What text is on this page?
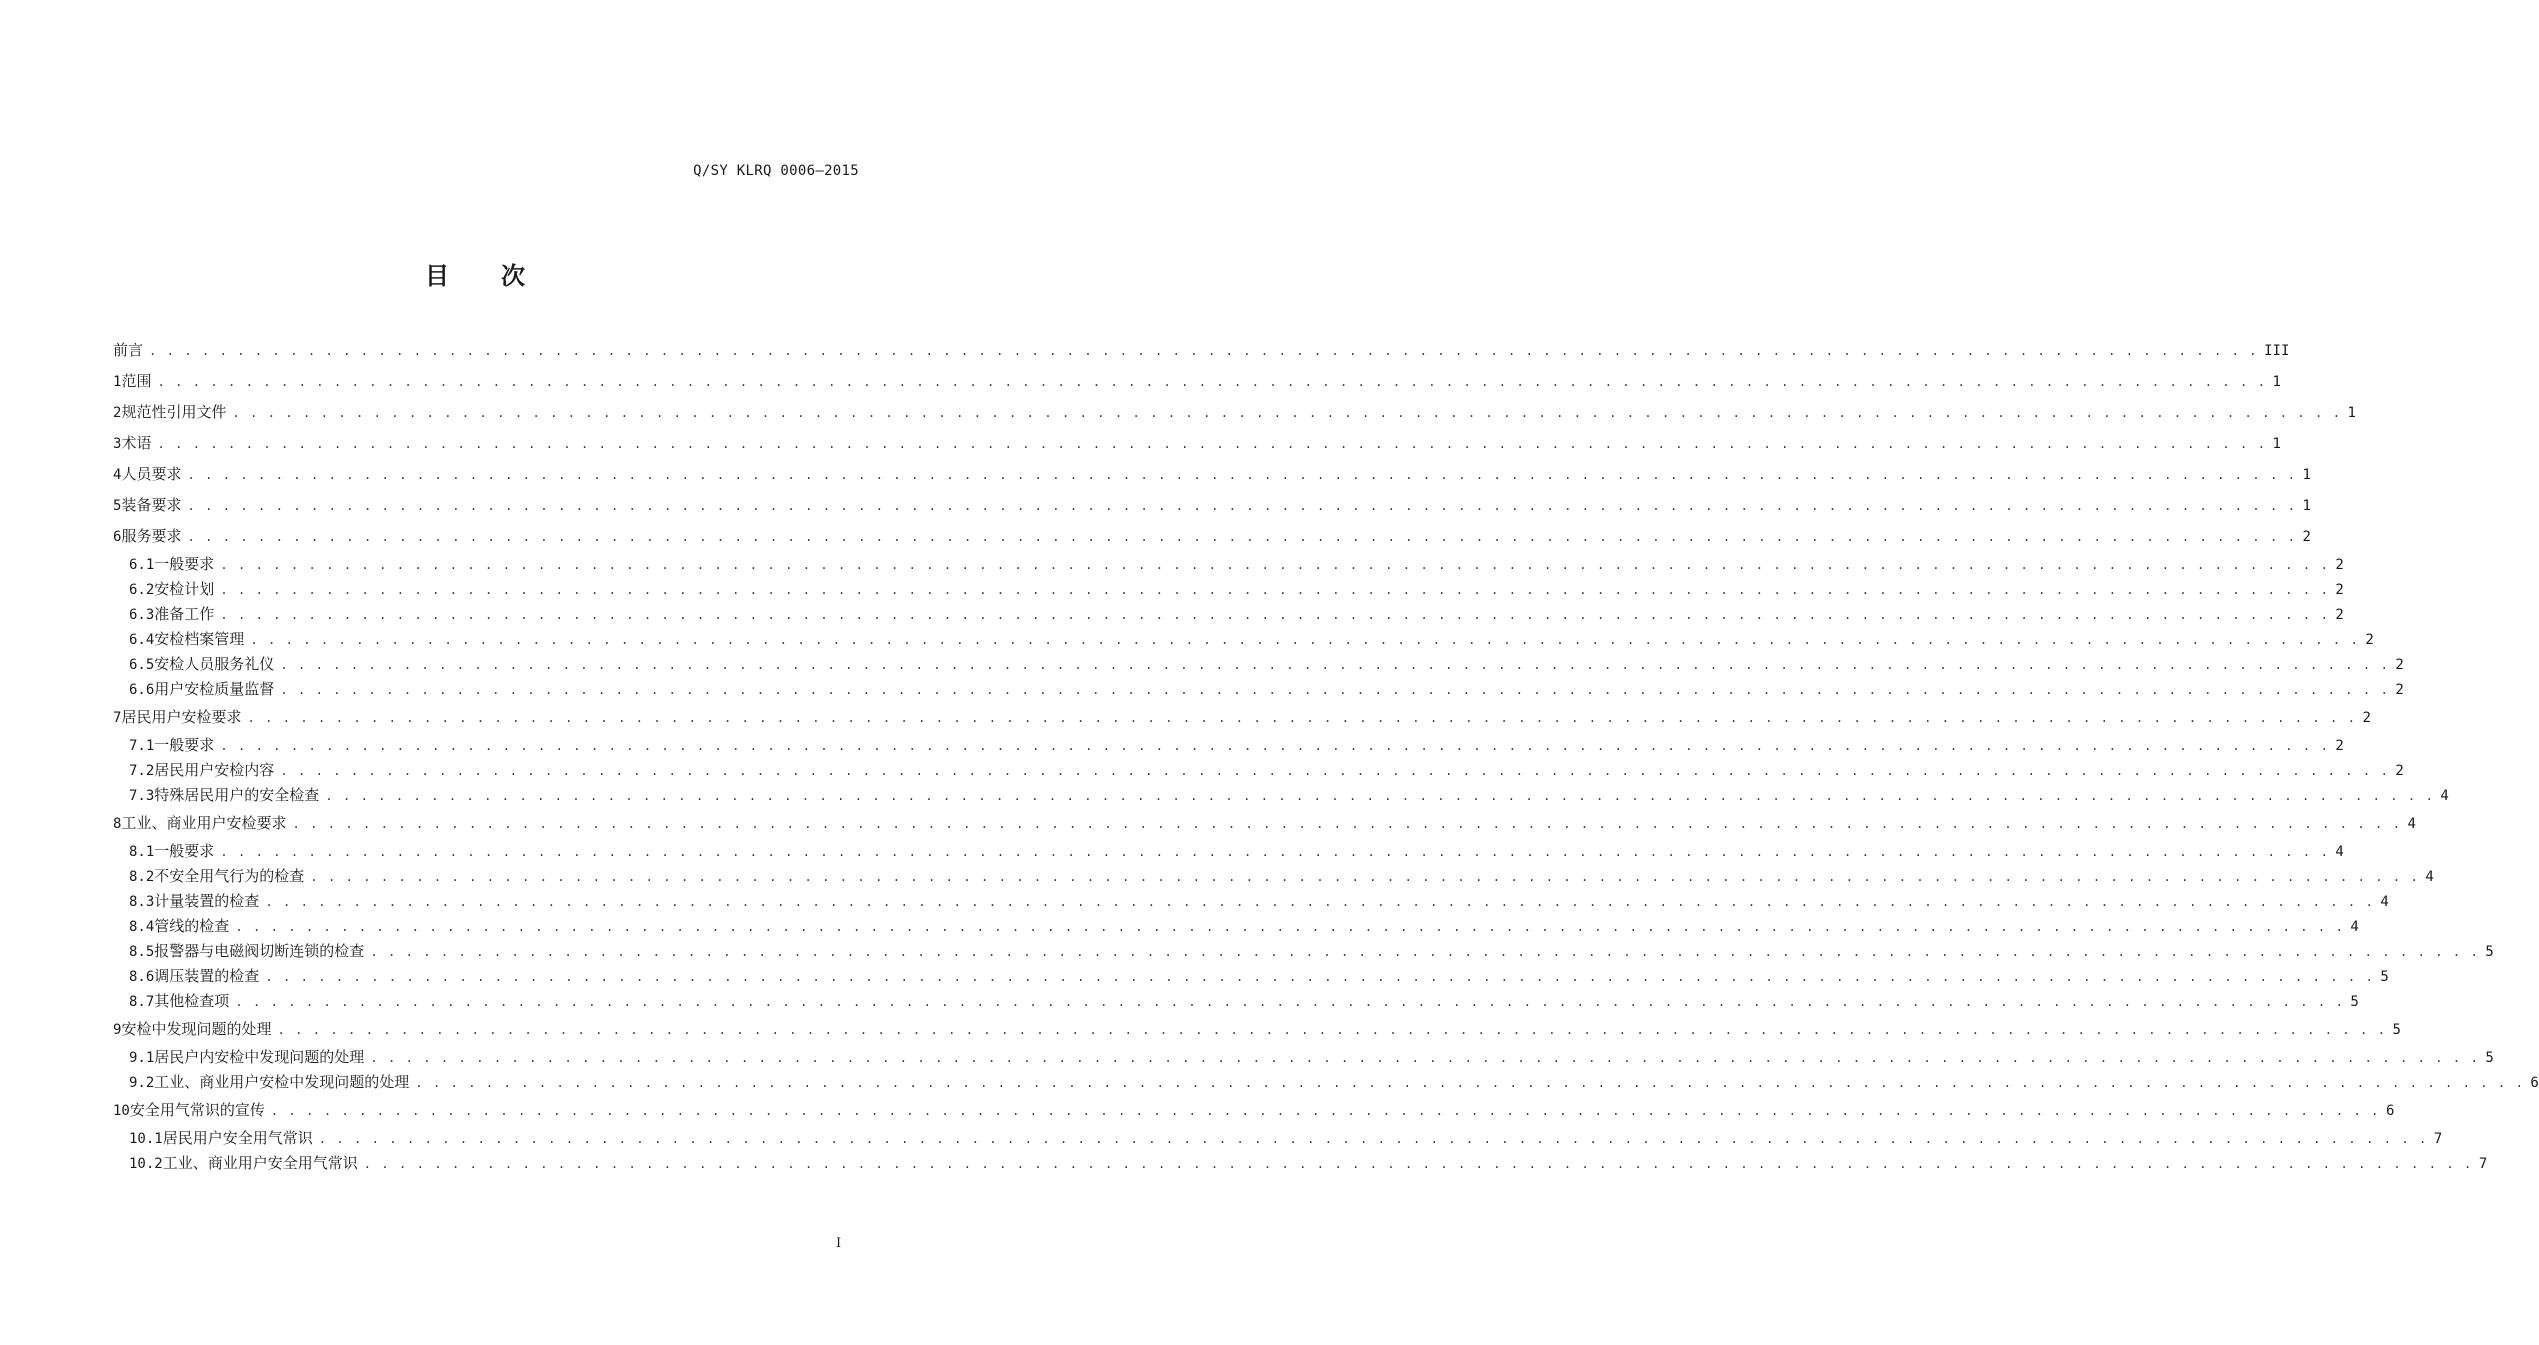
Q/SY KLRQ 0006—2015
目 次
前言 . . . . . . . . . . . . . . . . . . . . . . . . . . . . . . . . . . . . . . . . . . . . . . . . . . . . . . . . . . . . . . . . . . . . . . . . . . . . . . . . . . . . . . . . . . . . . . . . . . . . . . . . . . . . . . . . . . . . . . . . III
1 范围 . . . . . . . . . . . . . . . . . . . . . . . . . . . . . . . . . . . . . . . . . . . . . . . . . . . . . . . . . . . . . . . . . . . . . . . . . . . . . . . . . . . . . . . . . . . . . . . . . . . . . . . . . . . . . . . . . . . . . . . . 1
2 规范性引用文件 . . . . . . . . . . . . . . . . . . . . . . . . . . . . . . . . . . . . . . . . . . . . . . . . . . . . . . . . . . . . . . . . . . . . . . . . . . . . . . . . . . . . . . . . . . . . . . . . . . . . . . . . . . . . . . . . . . . . . . . . 1
3 术语 . . . . . . . . . . . . . . . . . . . . . . . . . . . . . . . . . . . . . . . . . . . . . . . . . . . . . . . . . . . . . . . . . . . . . . . . . . . . . . . . . . . . . . . . . . . . . . . . . . . . . . . . . . . . . . . . . . . . . . . . 1
4 人员要求 . . . . . . . . . . . . . . . . . . . . . . . . . . . . . . . . . . . . . . . . . . . . . . . . . . . . . . . . . . . . . . . . . . . . . . . . . . . . . . . . . . . . . . . . . . . . . . . . . . . . . . . . . . . . . . . . . . . . . . . . 1
5 装备要求 . . . . . . . . . . . . . . . . . . . . . . . . . . . . . . . . . . . . . . . . . . . . . . . . . . . . . . . . . . . . . . . . . . . . . . . . . . . . . . . . . . . . . . . . . . . . . . . . . . . . . . . . . . . . . . . . . . . . . . . . 1
6 服务要求 . . . . . . . . . . . . . . . . . . . . . . . . . . . . . . . . . . . . . . . . . . . . . . . . . . . . . . . . . . . . . . . . . . . . . . . . . . . . . . . . . . . . . . . . . . . . . . . . . . . . . . . . . . . . . . . . . . . . . . . . 2
6.1 一般要求 . . . . . . . . . . . . . . . . . . . . . . . . . . . . . . . . . . . . . . . . . . . . . . . . . . . . . . . . . . . . . . . . . . . . . . . . . . . . . . . . . . . . . . . . . . . . . . . . . . . . . . . . . . . . . . . . . . . . . . . . 2
6.2 安检计划 . . . . . . . . . . . . . . . . . . . . . . . . . . . . . . . . . . . . . . . . . . . . . . . . . . . . . . . . . . . . . . . . . . . . . . . . . . . . . . . . . . . . . . . . . . . . . . . . . . . . . . . . . . . . . . . . . . . . . . . . 2
6.3 准备工作 . . . . . . . . . . . . . . . . . . . . . . . . . . . . . . . . . . . . . . . . . . . . . . . . . . . . . . . . . . . . . . . . . . . . . . . . . . . . . . . . . . . . . . . . . . . . . . . . . . . . . . . . . . . . . . . . . . . . . . . . 2
6.4 安检档案管理 . . . . . . . . . . . . . . . . . . . . . . . . . . . . . . . . . . . . . . . . . . . . . . . . . . . . . . . . . . . . . . . . . . . . . . . . . . . . . . . . . . . . . . . . . . . . . . . . . . . . . . . . . . . . . . . . . . . . . . . . 2
6.5 安检人员服务礼仪 . . . . . . . . . . . . . . . . . . . . . . . . . . . . . . . . . . . . . . . . . . . . . . . . . . . . . . . . . . . . . . . . . . . . . . . . . . . . . . . . . . . . . . . . . . . . . . . . . . . . . . . . . . . . . . . . . . . . . . . . 2
6.6 用户安检质量监督 . . . . . . . . . . . . . . . . . . . . . . . . . . . . . . . . . . . . . . . . . . . . . . . . . . . . . . . . . . . . . . . . . . . . . . . . . . . . . . . . . . . . . . . . . . . . . . . . . . . . . . . . . . . . . . . . . . . . . . . . 2
7 居民用户安检要求 . . . . . . . . . . . . . . . . . . . . . . . . . . . . . . . . . . . . . . . . . . . . . . . . . . . . . . . . . . . . . . . . . . . . . . . . . . . . . . . . . . . . . . . . . . . . . . . . . . . . . . . . . . . . . . . . . . . . . . . . 2
7.1 一般要求 . . . . . . . . . . . . . . . . . . . . . . . . . . . . . . . . . . . . . . . . . . . . . . . . . . . . . . . . . . . . . . . . . . . . . . . . . . . . . . . . . . . . . . . . . . . . . . . . . . . . . . . . . . . . . . . . . . . . . . . . 2
7.2 居民用户安检内容 . . . . . . . . . . . . . . . . . . . . . . . . . . . . . . . . . . . . . . . . . . . . . . . . . . . . . . . . . . . . . . . . . . . . . . . . . . . . . . . . . . . . . . . . . . . . . . . . . . . . . . . . . . . . . . . . . . . . . . . . 2
7.3 特殊居民用户的安全检查 . . . . . . . . . . . . . . . . . . . . . . . . . . . . . . . . . . . . . . . . . . . . . . . . . . . . . . . . . . . . . . . . . . . . . . . . . . . . . . . . . . . . . . . . . . . . . . . . . . . . . . . . . . . . . . . . . . . . . . . . 4
8 工业、商业用户安检要求 . . . . . . . . . . . . . . . . . . . . . . . . . . . . . . . . . . . . . . . . . . . . . . . . . . . . . . . . . . . . . . . . . . . . . . . . . . . . . . . . . . . . . . . . . . . . . . . . . . . . . . . . . . . . . . . . . . . . . . . . 4
8.1 一般要求 . . . . . . . . . . . . . . . . . . . . . . . . . . . . . . . . . . . . . . . . . . . . . . . . . . . . . . . . . . . . . . . . . . . . . . . . . . . . . . . . . . . . . . . . . . . . . . . . . . . . . . . . . . . . . . . . . . . . . . . . 4
8.2 不安全用气行为的检查 . . . . . . . . . . . . . . . . . . . . . . . . . . . . . . . . . . . . . . . . . . . . . . . . . . . . . . . . . . . . . . . . . . . . . . . . . . . . . . . . . . . . . . . . . . . . . . . . . . . . . . . . . . . . . . . . . . . . . . . . 4
8.3 计量装置的检查 . . . . . . . . . . . . . . . . . . . . . . . . . . . . . . . . . . . . . . . . . . . . . . . . . . . . . . . . . . . . . . . . . . . . . . . . . . . . . . . . . . . . . . . . . . . . . . . . . . . . . . . . . . . . . . . . . . . . . . . . 4
8.4 管线的检查 . . . . . . . . . . . . . . . . . . . . . . . . . . . . . . . . . . . . . . . . . . . . . . . . . . . . . . . . . . . . . . . . . . . . . . . . . . . . . . . . . . . . . . . . . . . . . . . . . . . . . . . . . . . . . . . . . . . . . . . . 4
8.5 报警器与电磁阀切断连锁的检查 . . . . . . . . . . . . . . . . . . . . . . . . . . . . . . . . . . . . . . . . . . . . . . . . . . . . . . . . . . . . . . . . . . . . . . . . . . . . . . . . . . . . . . . . . . . . . . . . . . . . . . . . . . . . . . . . . . . . . . . . 5
8.6 调压装置的检查 . . . . . . . . . . . . . . . . . . . . . . . . . . . . . . . . . . . . . . . . . . . . . . . . . . . . . . . . . . . . . . . . . . . . . . . . . . . . . . . . . . . . . . . . . . . . . . . . . . . . . . . . . . . . . . . . . . . . . . . . 5
8.7 其他检查项 . . . . . . . . . . . . . . . . . . . . . . . . . . . . . . . . . . . . . . . . . . . . . . . . . . . . . . . . . . . . . . . . . . . . . . . . . . . . . . . . . . . . . . . . . . . . . . . . . . . . . . . . . . . . . . . . . . . . . . . . 5
9 安检中发现问题的处理 . . . . . . . . . . . . . . . . . . . . . . . . . . . . . . . . . . . . . . . . . . . . . . . . . . . . . . . . . . . . . . . . . . . . . . . . . . . . . . . . . . . . . . . . . . . . . . . . . . . . . . . . . . . . . . . . . . . . . . . . 5
9.1 居民户内安检中发现问题的处理 . . . . . . . . . . . . . . . . . . . . . . . . . . . . . . . . . . . . . . . . . . . . . . . . . . . . . . . . . . . . . . . . . . . . . . . . . . . . . . . . . . . . . . . . . . . . . . . . . . . . . . . . . . . . . . . . . . . . . . . . 5
9.2 工业、商业用户安检中发现问题的处理 . . . . . . . . . . . . . . . . . . . . . . . . . . . . . . . . . . . . . . . . . . . . . . . . . . . . . . . . . . . . . . . . . . . . . . . . . . . . . . . . . . . . . . . . . . . . . . . . . . . . . . . . . . . . . . . . . . . . . . . . 6
10 安全用气常识的宣传 . . . . . . . . . . . . . . . . . . . . . . . . . . . . . . . . . . . . . . . . . . . . . . . . . . . . . . . . . . . . . . . . . . . . . . . . . . . . . . . . . . . . . . . . . . . . . . . . . . . . . . . . . . . . . . . . . . . . . . . . 6
10.1 居民用户安全用气常识 . . . . . . . . . . . . . . . . . . . . . . . . . . . . . . . . . . . . . . . . . . . . . . . . . . . . . . . . . . . . . . . . . . . . . . . . . . . . . . . . . . . . . . . . . . . . . . . . . . . . . . . . . . . . . . . . . . . . . . . . 7
10.2 工业、商业用户安全用气常识 . . . . . . . . . . . . . . . . . . . . . . . . . . . . . . . . . . . . . . . . . . . . . . . . . . . . . . . . . . . . . . . . . . . . . . . . . . . . . . . . . . . . . . . . . . . . . . . . . . . . . . . . . . . . . . . . . . . . . . . . 7
I
